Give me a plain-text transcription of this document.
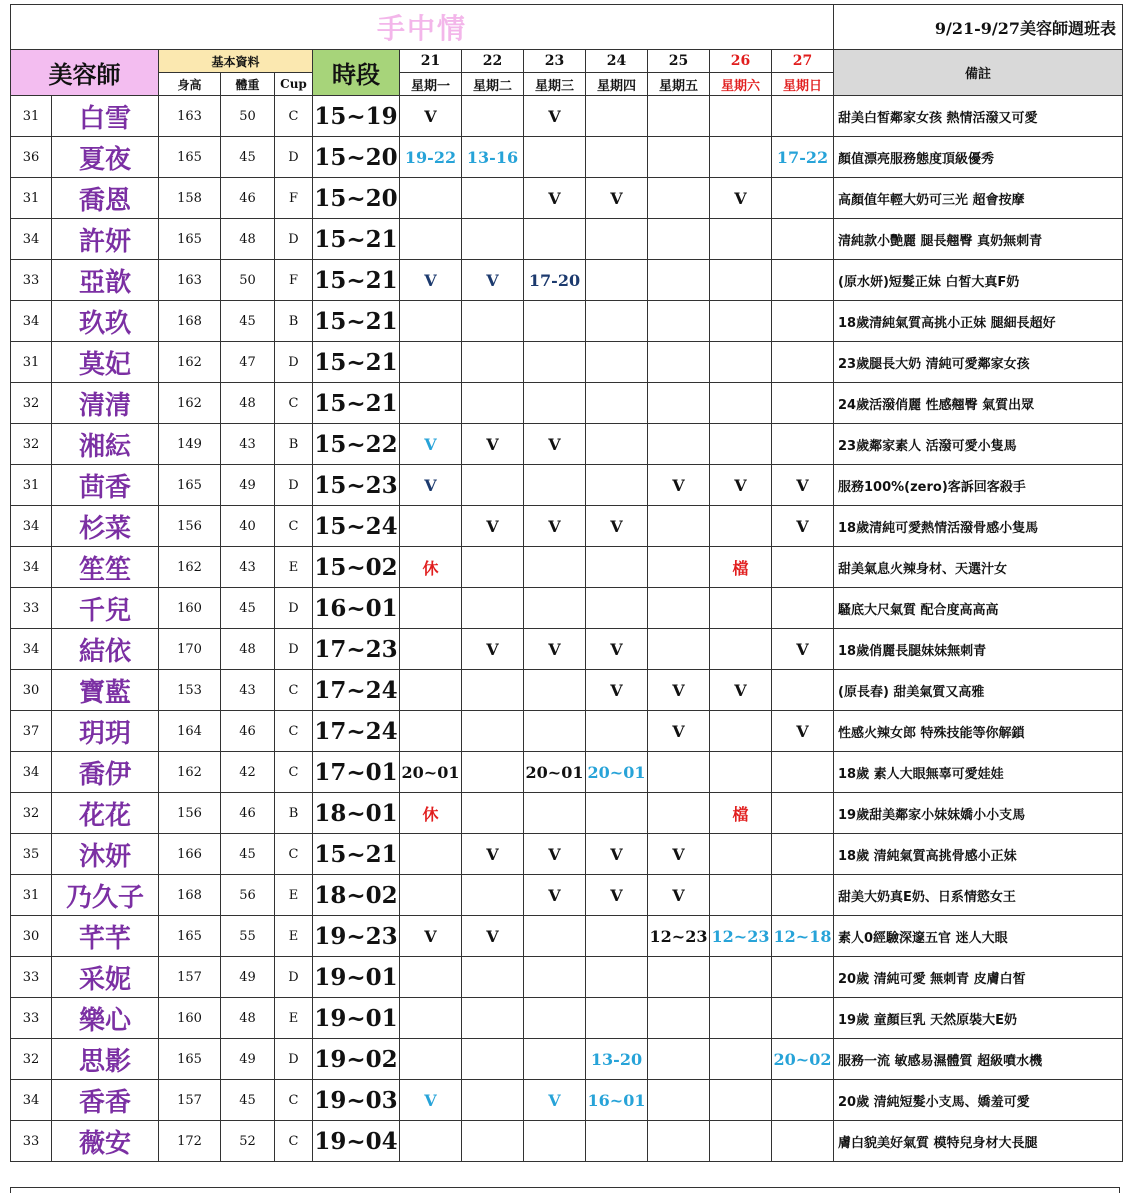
手中情													9/21-9/27美容師週班表
美容師		基本資料			時段	21	22	23	24	25	26	27	備註
		身高	體重	Cup		星期一	星期二	星期三	星期四	星期五	星期六	星期日	
31	白雪	163	50	C	15~19	V		V					甜美白皙鄰家女孩 熱情活潑又可愛
36	夏夜	165	45	D	15~20	19-22	13-16					17-22	顏值漂亮服務態度頂級優秀
31	喬恩	158	46	F	15~20			V	V		V		高顏值年輕大奶可三光 超會按摩
34	許妍	165	48	D	15~21								清純款小艷麗 腿長翹臀 真奶無刺青
33	亞歆	163	50	F	15~21	V	V	17-20					(原水妍)短髮正妹 白皙大真F奶
34	玖玖	168	45	B	15~21								18歲清純氣質高挑小正妹 腿細長超好
31	莫妃	162	47	D	15~21								23歲腿長大奶 清純可愛鄰家女孩
32	清清	162	48	C	15~21								24歲活潑俏麗 性感翹臀 氣質出眾
32	湘紜	149	43	B	15~22	V	V	V					23歲鄰家素人 活潑可愛小隻馬
31	茴香	165	49	D	15~23	V				V	V	V	服務100%(zero)客訴回客殺手
34	杉菜	156	40	C	15~24		V	V	V			V	18歲清純可愛熱情活潑骨感小隻馬
34	笙笙	162	43	E	15~02	休					檔		甜美氣息火辣身材、天選汁女
33	千兒	160	45	D	16~01								騷底大尺氣質 配合度高高高
34	結依	170	48	D	17~23		V	V	V			V	18歲俏麗長腿妹妹無刺青
30	寶藍	153	43	C	17~24				V	V	V		(原長春) 甜美氣質又高雅
37	玥玥	164	46	C	17~24					V		V	性感火辣女郎 特殊技能等你解鎖
34	喬伊	162	42	C	17~01	20~01		20~01	20~01				18歲 素人大眼無辜可愛娃娃
32	花花	156	46	B	18~01	休					檔		19歲甜美鄰家小妹妹嬌小小支馬
35	沐妍	166	45	C	15~21		V	V	V	V			18歲 清純氣質高挑骨感小正妹
31	乃久子	168	56	E	18~02			V	V	V			甜美大奶真E奶、日系情慾女王
30	芊芊	165	55	E	19~23	V	V			12~23	12~23	12~18	素人0經驗深邃五官 迷人大眼
33	采妮	157	49	D	19~01								20歲 清純可愛 無刺青 皮膚白皙
33	樂心	160	48	E	19~01								19歲 童顏巨乳 天然原裝大E奶
32	思影	165	49	D	19~02				13-20			20~02	服務一流 敏感易濕體質 超級噴水機
34	香香	157	45	C	19~03	V		V	16~01				20歲 清純短髮小支馬、嬌羞可愛
33	薇安	172	52	C	19~04								膚白貌美好氣質 模特兒身材大長腿
